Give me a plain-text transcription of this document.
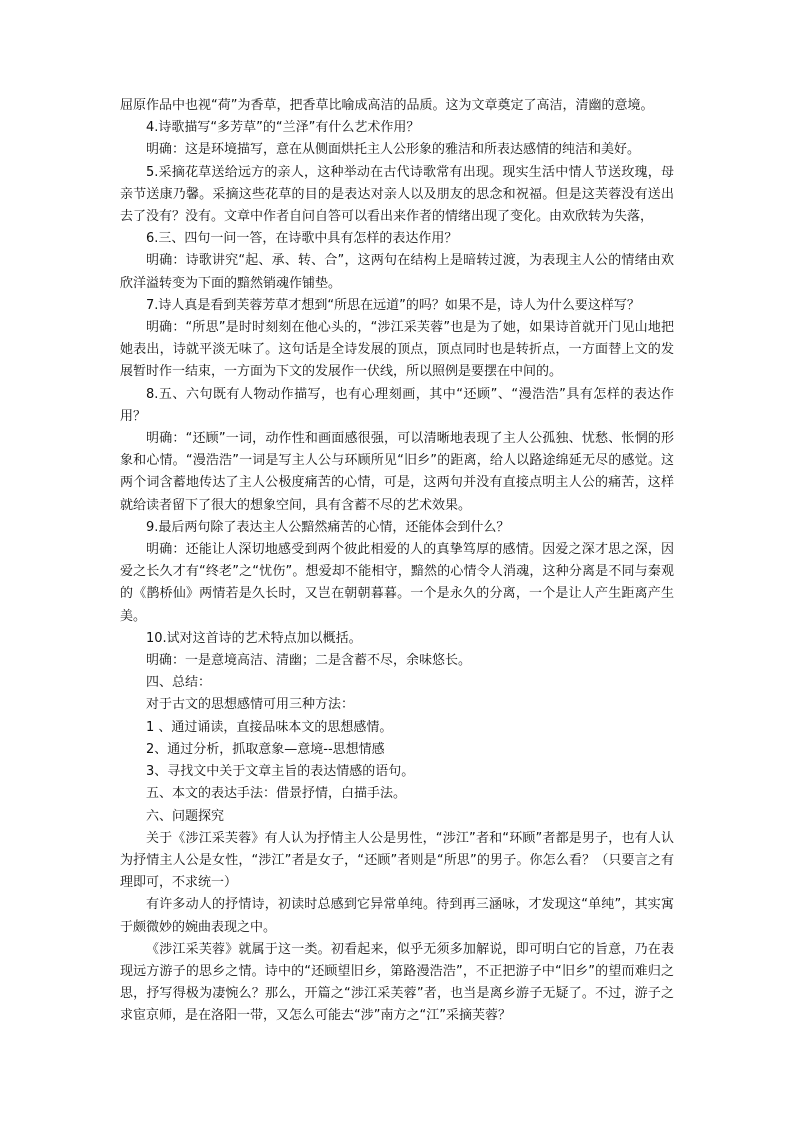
屈原作品中也视“荷”为香草，把香草比喻成高洁的品质。这为文章奠定了高洁，清幽的意境。

4.诗歌描写“多芳草”的“兰泽”有什么艺术作用？

明确：这是环境描写，意在从侧面烘托主人公形象的雅洁和所表达感情的纯洁和美好。

5.采摘花草送给远方的亲人，这种举动在古代诗歌常有出现。现实生活中情人节送玫瑰，母亲节送康乃馨。采摘这些花草的目的是表达对亲人以及朋友的思念和祝福。但是这芙蓉没有送出去了没有？没有。文章中作者自问自答可以看出来作者的情绪出现了变化。由欢欣转为失落，

6.三、四句一问一答，在诗歌中具有怎样的表达作用？

明确：诗歌讲究“起、承、转、合”，这两句在结构上是暗转过渡，为表现主人公的情绪由欢欣洋溢转变为下面的黯然销魂作铺垫。

7.诗人真是看到芙蓉芳草才想到“所思在远道”的吗？如果不是，诗人为什么要这样写？

明确：“所思”是时时刻刻在他心头的，“涉江采芙蓉”也是为了她，如果诗首就开门见山地把她表出，诗就平淡无味了。这句话是全诗发展的顶点，顶点同时也是转折点，一方面替上文的发展暂时作一结束，一方面为下文的发展作一伏线，所以照例是要摆在中间的。

8.五、六句既有人物动作描写，也有心理刻画，其中“还顾”、“漫浩浩”具有怎样的表达作用？

明确：“还顾”一词，动作性和画面感很强，可以清晰地表现了主人公孤独、忧愁、怅惘的形象和心情。“漫浩浩”一词是写主人公与环顾所见“旧乡”的距离，给人以路途绵延无尽的感觉。这两个词含蓄地传达了主人公极度痛苦的心情，可是，这两句并没有直接点明主人公的痛苦，这样就给读者留下了很大的想象空间，具有含蓄不尽的艺术效果。

9.最后两句除了表达主人公黯然痛苦的心情，还能体会到什么？

明确：还能让人深切地感受到两个彼此相爱的人的真挚笃厚的感情。因爱之深才思之深，因爱之长久才有“终老”之“忧伤”。想爱却不能相守，黯然的心情令人消魂，这种分离是不同与秦观的《鹊桥仙》两情若是久长时，又岂在朝朝暮暮。一个是永久的分离，一个是让人产生距离产生美。

10.试对这首诗的艺术特点加以概括。

明确：一是意境高洁、清幽；二是含蓄不尽，余味悠长。

四、总结：

对于古文的思想感情可用三种方法：

1 、通过诵读，直接品味本文的思想感情。

2、通过分析，抓取意象—意境--思想情感

3、寻找文中关于文章主旨的表达情感的语句。

五、本文的表达手法：借景抒情，白描手法。

六、问题探究

关于《涉江采芙蓉》有人认为抒情主人公是男性，“涉江”者和“环顾”者都是男子，也有人认为抒情主人公是女性，“涉江”者是女子，“还顾”者则是“所思”的男子。你怎么看？（只要言之有理即可，不求统一）

有许多动人的抒情诗，初读时总感到它异常单纯。待到再三涵咏，才发现这“单纯”，其实寓于颇微妙的婉曲表现之中。

《涉江采芙蓉》就属于这一类。初看起来，似乎无须多加解说，即可明白它的旨意，乃在表现远方游子的思乡之情。诗中的“还顾望旧乡，第路漫浩浩”，不正把游子中“旧乡”的望而难归之思，抒写得极为凄惋么？那么，开篇之“涉江采芙蓉”者，也当是离乡游子无疑了。不过，游子之求宦京师，是在洛阳一带，又怎么可能去“涉”南方之“江”采摘芙蓉？
